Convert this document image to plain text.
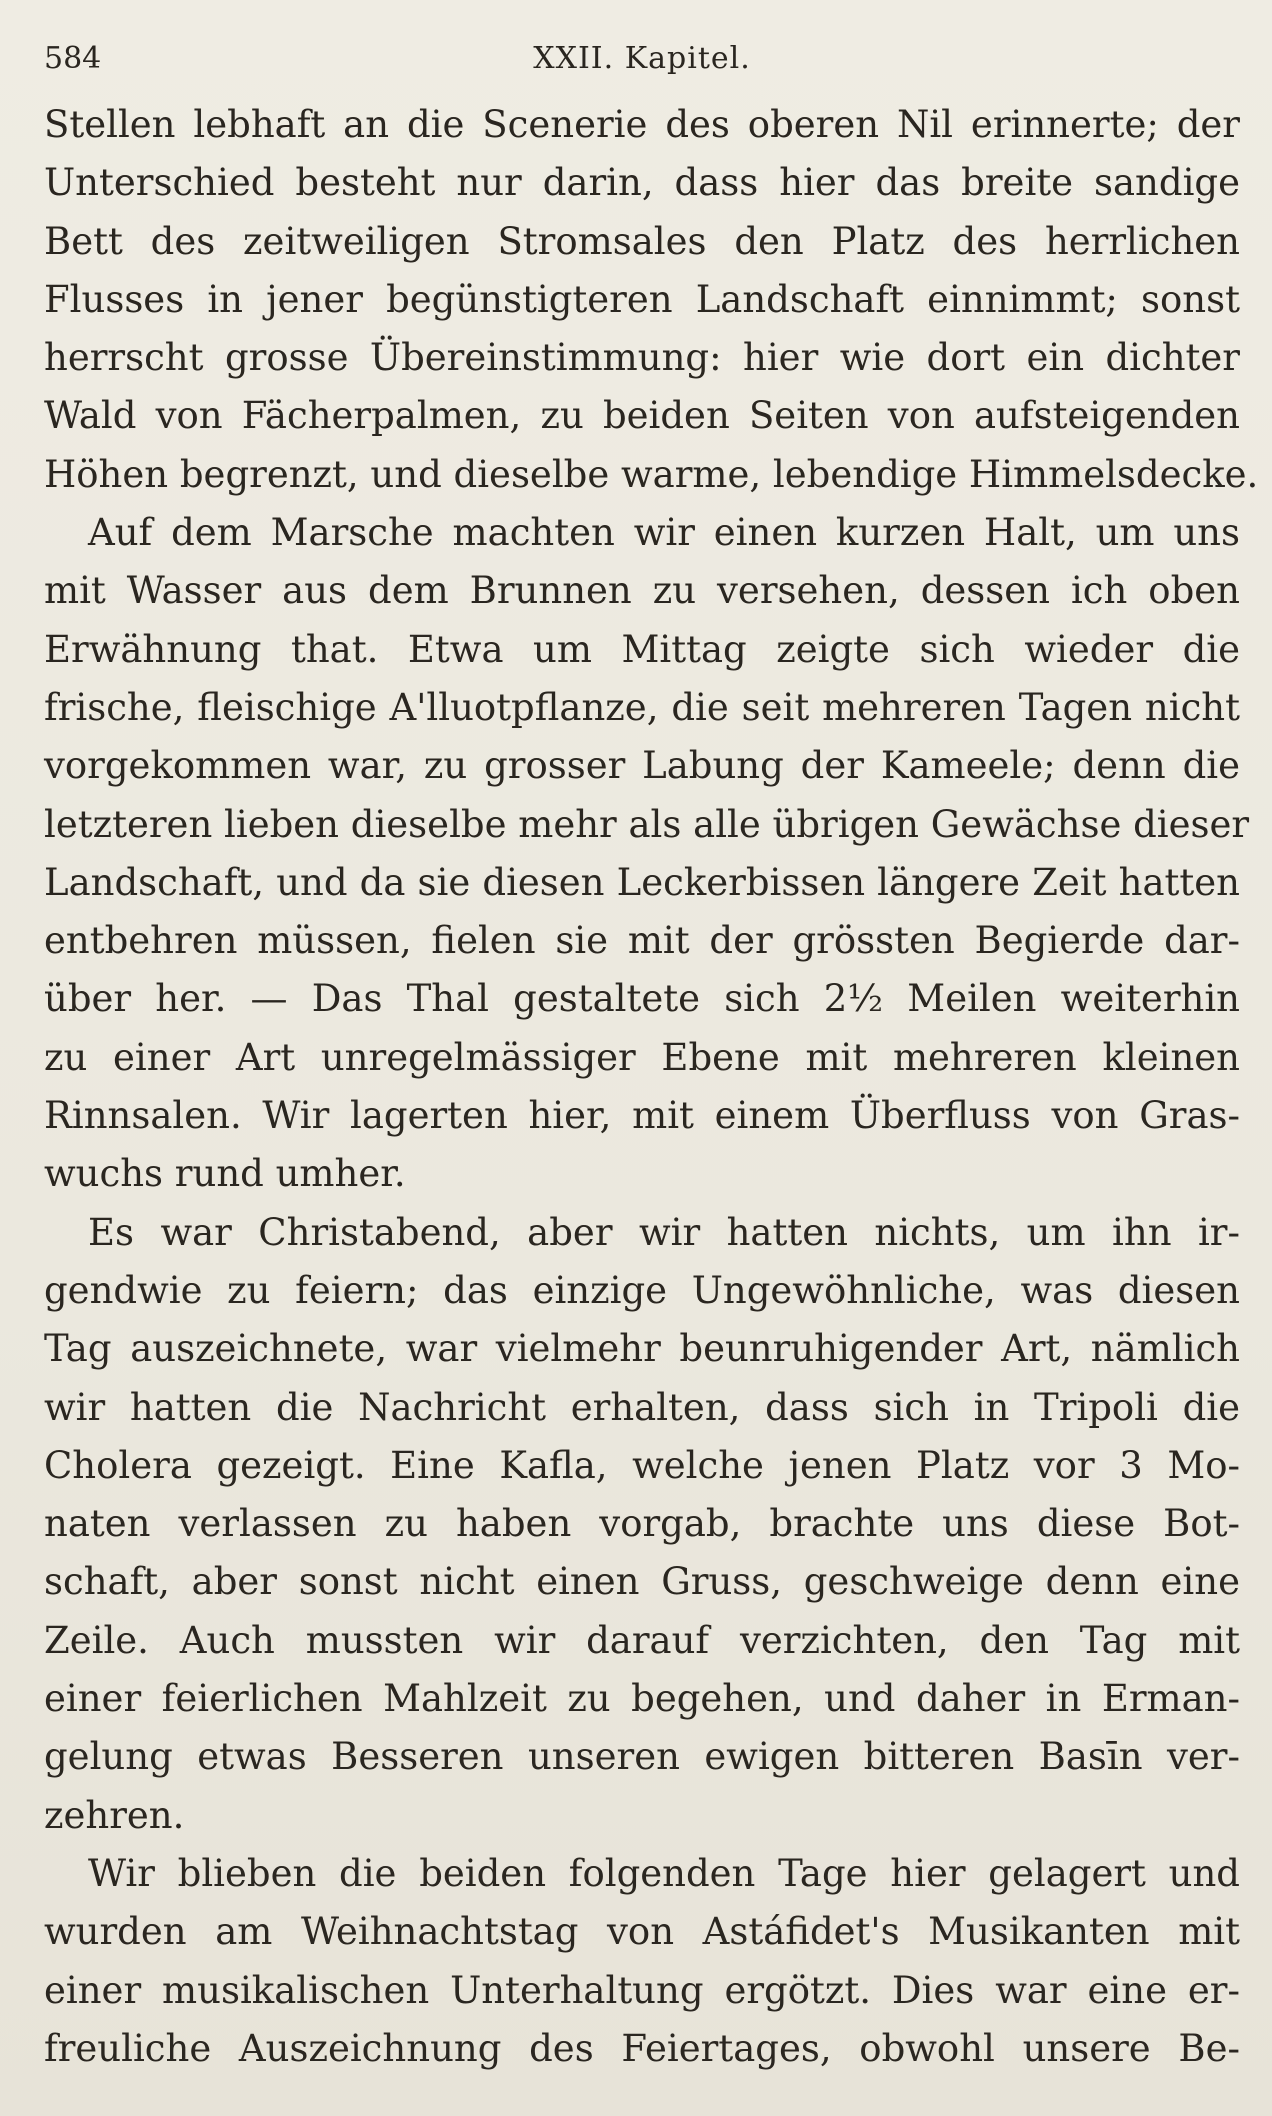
584	XXII. Kapitel.

Stellen lebhaft an die Scenerie des oberen Nil erinnerte; der
Unterschied besteht nur darin, dass hier das breite sandige
Bett des zeitweiligen Stromsales den Platz des herrlichen
Flusses in jener begünstigteren Landschaft einnimmt; sonst
herrscht grosse Übereinstimmung: hier wie dort ein dichter
Wald von Fächerpalmen, zu beiden Seiten von aufsteigenden
Höhen begrenzt, und dieselbe warme, lebendige Himmelsdecke.

Auf dem Marsche machten wir einen kurzen Halt, um uns
mit Wasser aus dem Brunnen zu versehen, dessen ich oben
Erwähnung that. Etwa um Mittag zeigte sich wieder die
frische, fleischige A'lluotpflanze, die seit mehreren Tagen nicht
vorgekommen war, zu grosser Labung der Kameele; denn die
letzteren lieben dieselbe mehr als alle übrigen Gewächse dieser
Landschaft, und da sie diesen Leckerbissen längere Zeit hatten
entbehren müssen, fielen sie mit der grössten Begierde dar-
über her. — Das Thal gestaltete sich 2½ Meilen weiterhin
zu einer Art unregelmässiger Ebene mit mehreren kleinen
Rinnsalen. Wir lagerten hier, mit einem Überfluss von Gras-
wuchs rund umher.

Es war Christabend, aber wir hatten nichts, um ihn ir-
gendwie zu feiern; das einzige Ungewöhnliche, was diesen
Tag auszeichnete, war vielmehr beunruhigender Art, nämlich
wir hatten die Nachricht erhalten, dass sich in Tripoli die
Cholera gezeigt. Eine Kafla, welche jenen Platz vor 3 Mo-
naten verlassen zu haben vorgab, brachte uns diese Bot-
schaft, aber sonst nicht einen Gruss, geschweige denn eine
Zeile. Auch mussten wir darauf verzichten, den Tag mit
einer feierlichen Mahlzeit zu begehen, und daher in Erman-
gelung etwas Besseren unseren ewigen bitteren Basīn ver-
zehren.

Wir blieben die beiden folgenden Tage hier gelagert und
wurden am Weihnachtstag von Astáfidet's Musikanten mit
einer musikalischen Unterhaltung ergötzt. Dies war eine er-
freuliche Auszeichnung des Feiertages, obwohl unsere Be-
